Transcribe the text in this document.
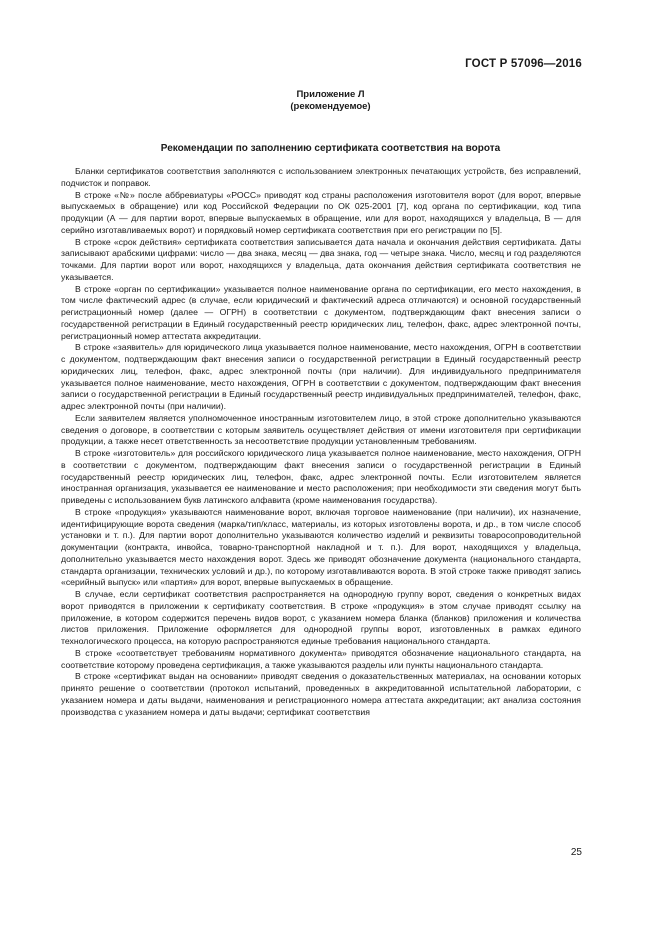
ГОСТ Р 57096—2016
Приложение Л
(рекомендуемое)
Рекомендации по заполнению сертификата соответствия на ворота

Бланки сертификатов соответствия заполняются с использованием электронных печатающих устройств, без исправлений, подчисток и поправок.

В строке «№» после аббревиатуры «РОСС» приводят код страны расположения изготовителя ворот (для ворот, впервые выпускаемых в обращение) или код Российской Федерации по ОК 025-2001 [7], код органа по сертификации, код типа продукции (А — для партии ворот, впервые выпускаемых в обращение, или для ворот, находящихся у владельца, В — для серийно изготавливаемых ворот) и порядковый номер сертификата соответствия при его регистрации по [5].

В строке «срок действия» сертификата соответствия записывается дата начала и окончания действия сертификата. Даты записывают арабскими цифрами: число — два знака, месяц — два знака, год — четыре знака. Число, месяц и год разделяются точками. Для партии ворот или ворот, находящихся у владельца, дата окончания действия сертификата соответствия не указывается.

В строке «орган по сертификации» указывается полное наименование органа по сертификации, его место нахождения, в том числе фактический адрес (в случае, если юридический и фактический адреса отличаются) и основной государственный регистрационный номер (далее — ОГРН) в соответствии с документом, подтверждающим факт внесения записи о государственной регистрации в Единый государственный реестр юридических лиц, телефон, факс, адрес электронной почты, регистрационный номер аттестата аккредитации.

В строке «заявитель» для юридического лица указывается полное наименование, место нахождения, ОГРН в соответствии с документом, подтверждающим факт внесения записи о государственной регистрации в Единый государственный реестр юридических лиц, телефон, факс, адрес электронной почты (при наличии). Для индивидуального предпринимателя указывается полное наименование, место нахождения, ОГРН в соответствии с документом, подтверждающим факт внесения записи о государственной регистрации в Единый государственный реестр индивидуальных предпринимателей, телефон, факс, адрес электронной почты (при наличии).

Если заявителем является уполномоченное иностранным изготовителем лицо, в этой строке дополнительно указываются сведения о договоре, в соответствии с которым заявитель осуществляет действия от имени изготовителя при сертификации продукции, а также несет ответственность за несоответствие продукции установленным требованиям.

В строке «изготовитель» для российского юридического лица указывается полное наименование, место нахождения, ОГРН в соответствии с документом, подтверждающим факт внесения записи о государственной регистрации в Единый государственный реестр юридических лиц, телефон, факс, адрес электронной почты. Если изготовителем является иностранная организация, указывается ее наименование и место расположения; при необходимости эти сведения могут быть приведены с использованием букв латинского алфавита (кроме наименования государства).

В строке «продукция» указываются наименование ворот, включая торговое наименование (при наличии), их назначение, идентифицирующие ворота сведения (марка/тип/класс, материалы, из которых изготовлены ворота, и др., в том числе способ установки и т. п.). Для партии ворот дополнительно указываются количество изделий и реквизиты товаросопроводительной документации (контракта, инвойса, товарно-транспортной накладной и т. п.). Для ворот, находящихся у владельца, дополнительно указывается место нахождения ворот. Здесь же приводят обозначение документа (национального стандарта, стандарта организации, технических условий и др.), по которому изготавливаются ворота. В этой строке также приводят запись «серийный выпуск» или «партия» для ворот, впервые выпускаемых в обращение.

В случае, если сертификат соответствия распространяется на однородную группу ворот, сведения о конкретных видах ворот приводятся в приложении к сертификату соответствия. В строке «продукция» в этом случае приводят ссылку на приложение, в котором содержится перечень видов ворот, с указанием номера бланка (бланков) приложения и количества листов приложения. Приложение оформляется для однородной группы ворот, изготовленных в рамках единого технологического процесса, на которую распространяются единые требования национального стандарта.

В строке «соответствует требованиям нормативного документа» приводятся обозначение национального стандарта, на соответствие которому проведена сертификация, а также указываются разделы или пункты национального стандарта.

В строке «сертификат выдан на основании» приводят сведения о доказательственных материалах, на основании которых принято решение о соответствии (протокол испытаний, проведенных в аккредитованной испытательной лаборатории, с указанием номера и даты выдачи, наименования и регистрационного номера аттестата аккредитации; акт анализа состояния производства с указанием номера и даты выдачи; сертификат соответствия

25
